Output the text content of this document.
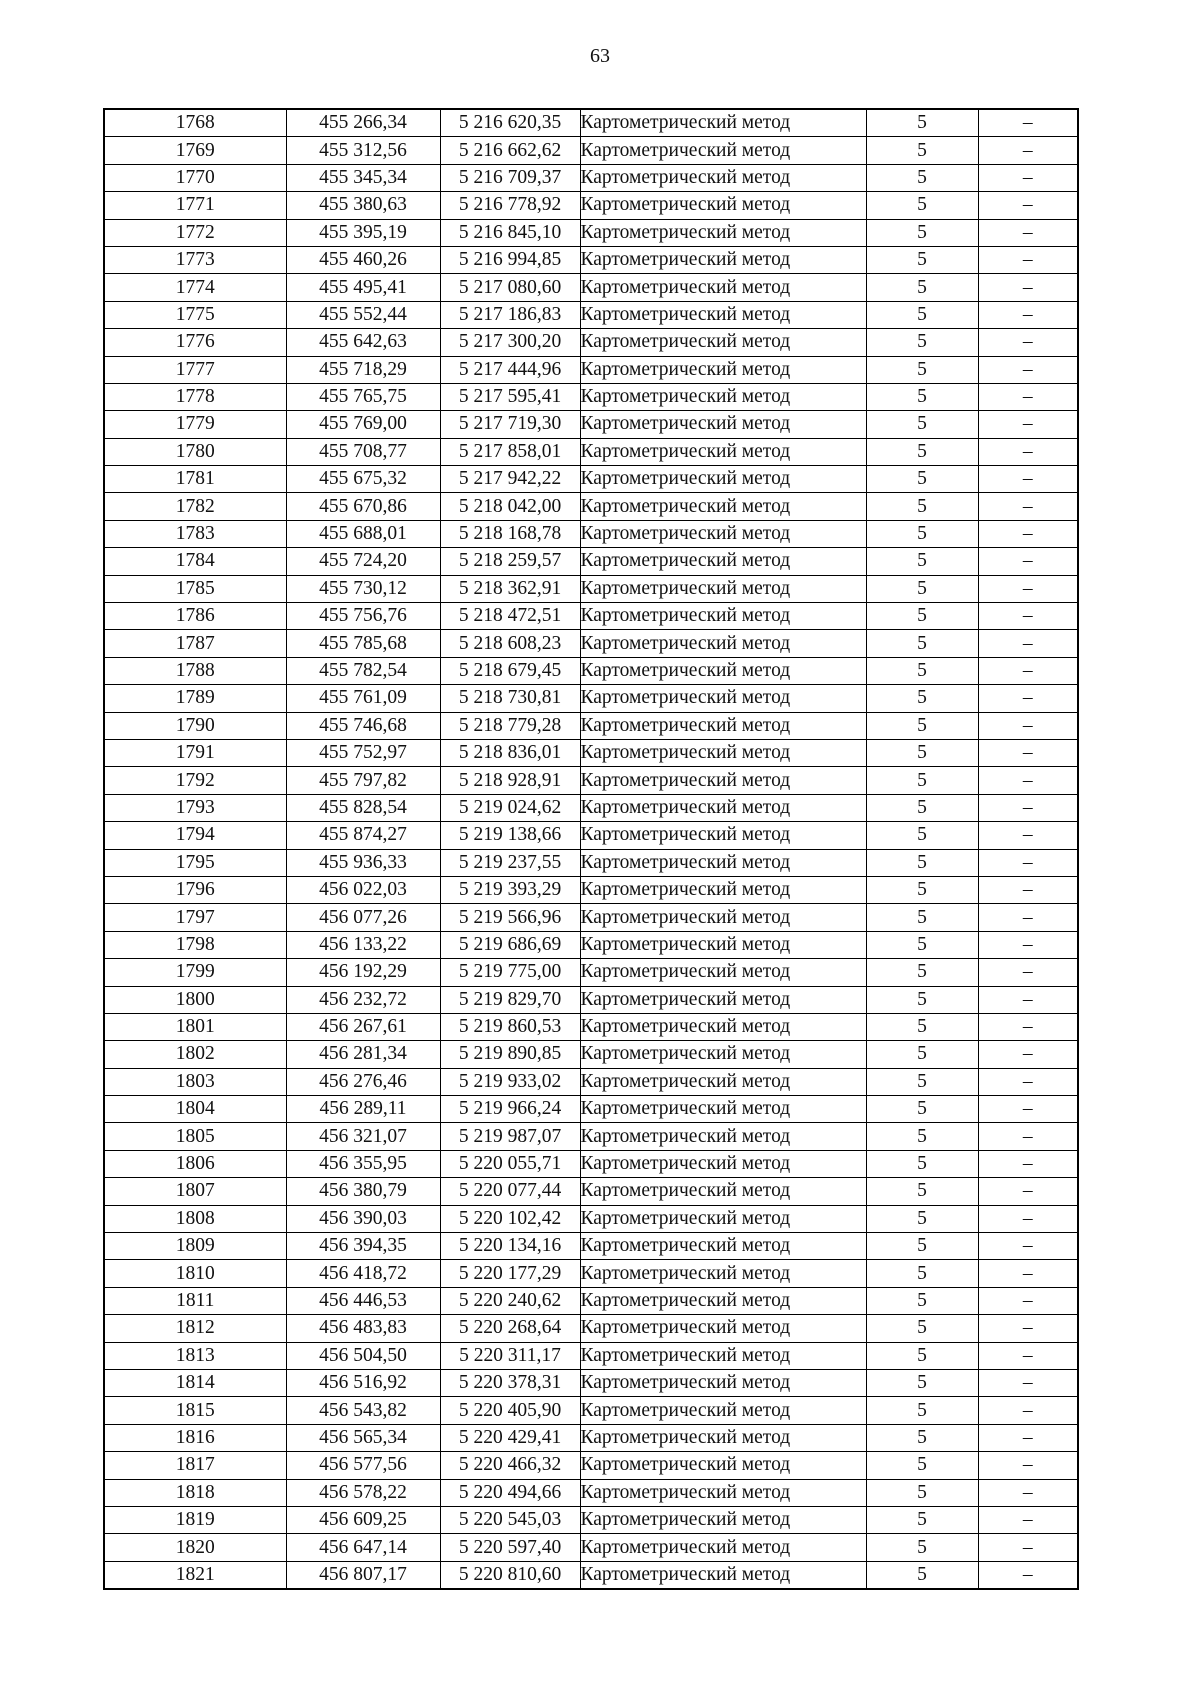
63
1768	455 266,34	5 216 620,35	Картометрический метод	5	–
1769	455 312,56	5 216 662,62	Картометрический метод	5	–
1770	455 345,34	5 216 709,37	Картометрический метод	5	–
1771	455 380,63	5 216 778,92	Картометрический метод	5	–
1772	455 395,19	5 216 845,10	Картометрический метод	5	–
1773	455 460,26	5 216 994,85	Картометрический метод	5	–
1774	455 495,41	5 217 080,60	Картометрический метод	5	–
1775	455 552,44	5 217 186,83	Картометрический метод	5	–
1776	455 642,63	5 217 300,20	Картометрический метод	5	–
1777	455 718,29	5 217 444,96	Картометрический метод	5	–
1778	455 765,75	5 217 595,41	Картометрический метод	5	–
1779	455 769,00	5 217 719,30	Картометрический метод	5	–
1780	455 708,77	5 217 858,01	Картометрический метод	5	–
1781	455 675,32	5 217 942,22	Картометрический метод	5	–
1782	455 670,86	5 218 042,00	Картометрический метод	5	–
1783	455 688,01	5 218 168,78	Картометрический метод	5	–
1784	455 724,20	5 218 259,57	Картометрический метод	5	–
1785	455 730,12	5 218 362,91	Картометрический метод	5	–
1786	455 756,76	5 218 472,51	Картометрический метод	5	–
1787	455 785,68	5 218 608,23	Картометрический метод	5	–
1788	455 782,54	5 218 679,45	Картометрический метод	5	–
1789	455 761,09	5 218 730,81	Картометрический метод	5	–
1790	455 746,68	5 218 779,28	Картометрический метод	5	–
1791	455 752,97	5 218 836,01	Картометрический метод	5	–
1792	455 797,82	5 218 928,91	Картометрический метод	5	–
1793	455 828,54	5 219 024,62	Картометрический метод	5	–
1794	455 874,27	5 219 138,66	Картометрический метод	5	–
1795	455 936,33	5 219 237,55	Картометрический метод	5	–
1796	456 022,03	5 219 393,29	Картометрический метод	5	–
1797	456 077,26	5 219 566,96	Картометрический метод	5	–
1798	456 133,22	5 219 686,69	Картометрический метод	5	–
1799	456 192,29	5 219 775,00	Картометрический метод	5	–
1800	456 232,72	5 219 829,70	Картометрический метод	5	–
1801	456 267,61	5 219 860,53	Картометрический метод	5	–
1802	456 281,34	5 219 890,85	Картометрический метод	5	–
1803	456 276,46	5 219 933,02	Картометрический метод	5	–
1804	456 289,11	5 219 966,24	Картометрический метод	5	–
1805	456 321,07	5 219 987,07	Картометрический метод	5	–
1806	456 355,95	5 220 055,71	Картометрический метод	5	–
1807	456 380,79	5 220 077,44	Картометрический метод	5	–
1808	456 390,03	5 220 102,42	Картометрический метод	5	–
1809	456 394,35	5 220 134,16	Картометрический метод	5	–
1810	456 418,72	5 220 177,29	Картометрический метод	5	–
1811	456 446,53	5 220 240,62	Картометрический метод	5	–
1812	456 483,83	5 220 268,64	Картометрический метод	5	–
1813	456 504,50	5 220 311,17	Картометрический метод	5	–
1814	456 516,92	5 220 378,31	Картометрический метод	5	–
1815	456 543,82	5 220 405,90	Картометрический метод	5	–
1816	456 565,34	5 220 429,41	Картометрический метод	5	–
1817	456 577,56	5 220 466,32	Картометрический метод	5	–
1818	456 578,22	5 220 494,66	Картометрический метод	5	–
1819	456 609,25	5 220 545,03	Картометрический метод	5	–
1820	456 647,14	5 220 597,40	Картометрический метод	5	–
1821	456 807,17	5 220 810,60	Картометрический метод	5	–
